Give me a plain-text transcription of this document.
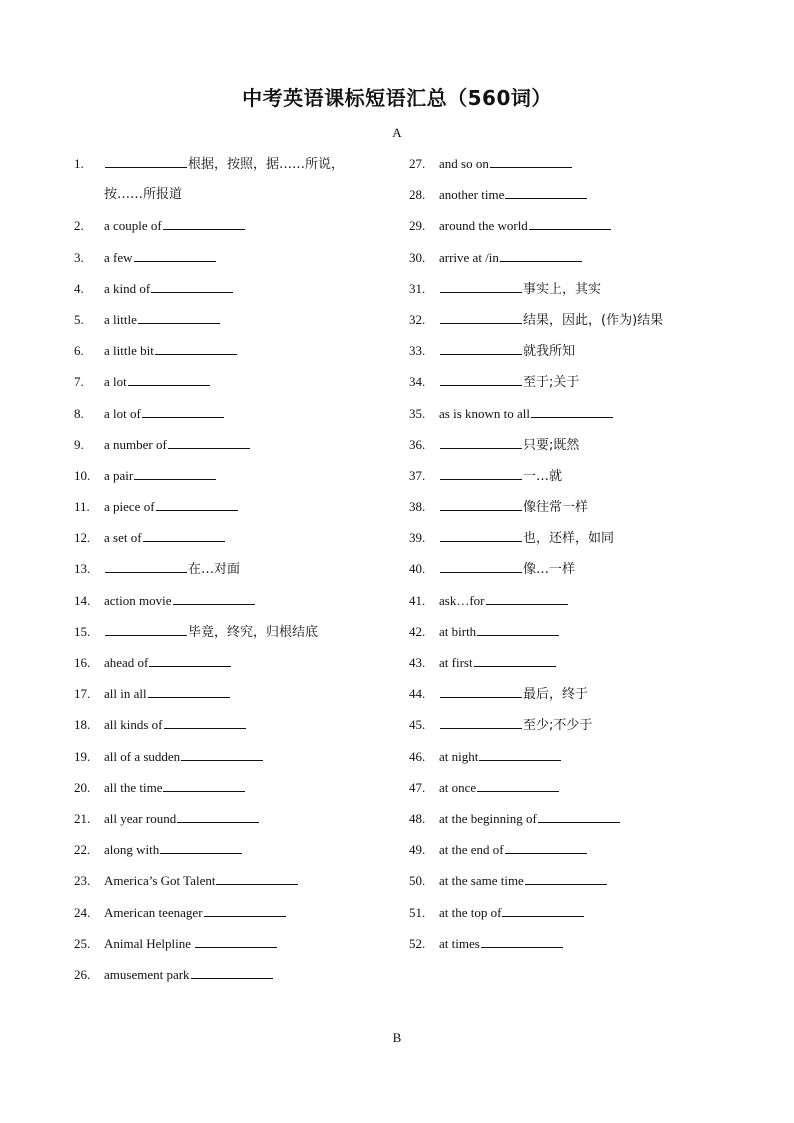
中考英语课标短语汇总（560词）
A
1.	根据，按照，据……所说，
按……所报道
2. a couple of
3. a few
4. a kind of
5. a little
6. a little bit
7. a lot
8. a lot of
9. a number of
10. a pair
11. a piece of
12. a set of
13.	在…对面
14. action movie
15.	毕竟，终究，归根结底
16. ahead of
17. all in all
18. all kinds of
19. all of a sudden
20. all the time
21. all year round
22. along with
23. America’s Got Talent
24. American teenager
25. Animal Helpline
26. amusement park
27. and so on
28. another time
29. around the world
30. arrive at /in
31.	事实上，其实
32.	结果，因此，(作为)结果
33.	就我所知
34.	至于;关于
35. as is known to all
36.	只要;既然
37.	一…就
38.	像往常一样
39.	也，还样，如同
40.	像…一样
41. ask…for
42. at birth
43. at first
44.	最后，终于
45.	至少;不少于
46. at night
47. at once
48. at the beginning of
49. at the end of
50. at the same time
51. at the top of
52. at times
B
